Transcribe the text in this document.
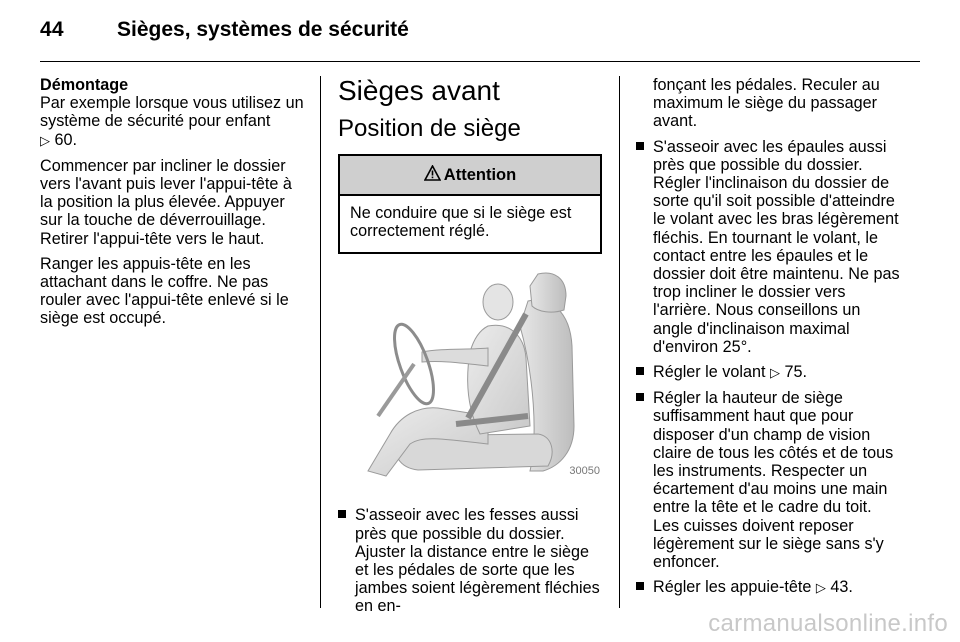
44	Sièges, systèmes de sécurité

Démontage

Par exemple lorsque vous utilisez un système de sécurité pour enfant
▷ 60.

Commencer par incliner le dossier vers l'avant puis lever l'appui-tête à la position la plus élevée. Appuyer sur la touche de déverrouillage. Retirer l'appui-tête vers le haut.

Ranger les appuis-tête en les attachant dans le coffre. Ne pas rouler avec l'appui-tête enlevé si le siège est occupé.

Sièges avant
Position de siège
Attention
Ne conduire que si le siège est correctement réglé.
30050
S'asseoir avec les fesses aussi près que possible du dossier. Ajuster la distance entre le siège et les pédales de sorte que les jambes soient légèrement fléchies en en-

fonçant les pédales. Reculer au maximum le siège du passager avant.

S'asseoir avec les épaules aussi près que possible du dossier. Régler l'inclinaison du dossier de sorte qu'il soit possible d'atteindre le volant avec les bras légèrement fléchis. En tournant le volant, le contact entre les épaules et le dossier doit être maintenu. Ne pas trop incliner le dossier vers l'arrière. Nous conseillons un angle d'inclinaison maximal d'environ 25°.
Régler le volant ▷ 75.
Régler la hauteur de siège suffisamment haut que pour disposer d'un champ de vision claire de tous les côtés et de tous les instruments. Respecter un écartement d'au moins une main entre la tête et le cadre du toit. Les cuisses doivent reposer légèrement sur le siège sans s'y enfoncer.
Régler les appuie-tête ▷ 43.
carmanualsonline.info
